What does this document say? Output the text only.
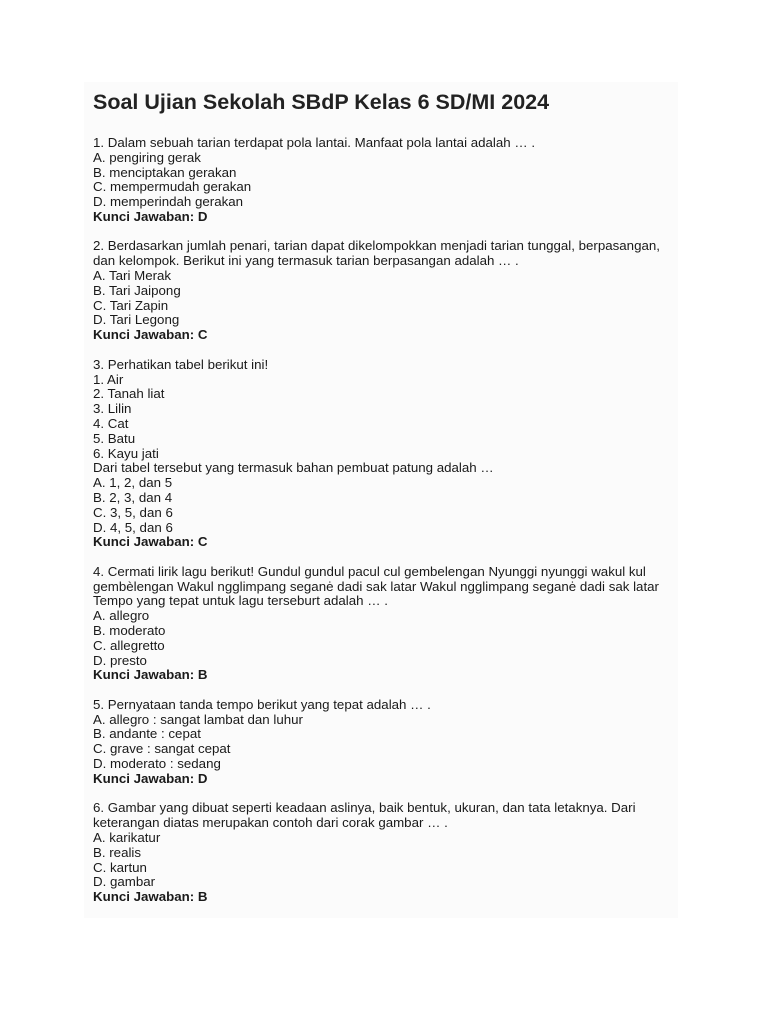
Soal Ujian Sekolah SBdP Kelas 6 SD/MI 2024
1. Dalam sebuah tarian terdapat pola lantai. Manfaat pola lantai adalah … .
A. pengiring gerak
B. menciptakan gerakan
C. mempermudah gerakan
D. memperindah gerakan
Kunci Jawaban: D
2. Berdasarkan jumlah penari, tarian dapat dikelompokkan menjadi tarian tunggal, berpasangan,
dan kelompok. Berikut ini yang termasuk tarian berpasangan adalah … .
A. Tari Merak
B. Tari Jaipong
C. Tari Zapin
D. Tari Legong
Kunci Jawaban: C
3. Perhatikan tabel berikut ini!
1. Air
2. Tanah liat
3. Lilin
4. Cat
5. Batu
6. Kayu jati
Dari tabel tersebut yang termasuk bahan pembuat patung adalah …
A. 1, 2, dan 5
B. 2, 3, dan 4
C. 3, 5, dan 6
D. 4, 5, dan 6
Kunci Jawaban: C
4. Cermati lirik lagu berikut! Gundul gundul pacul cul gembelengan Nyunggi nyunggi wakul kul
gembèlengan Wakul ngglimpang seganė dadi sak latar Wakul ngglimpang seganė dadi sak latar
Tempo yang tepat untuk lagu terseburt adalah … .
A. allegro
B. moderato
C. allegretto
D. presto
Kunci Jawaban: B
5. Pernyataan tanda tempo berikut yang tepat adalah … .
A. allegro : sangat lambat dan luhur
B. andante : cepat
C. grave : sangat cepat
D. moderato : sedang
Kunci Jawaban: D
6. Gambar yang dibuat seperti keadaan aslinya, baik bentuk, ukuran, dan tata letaknya. Dari
keterangan diatas merupakan contoh dari corak gambar … .
A. karikatur
B. realis
C. kartun
D. gambar
Kunci Jawaban: B
